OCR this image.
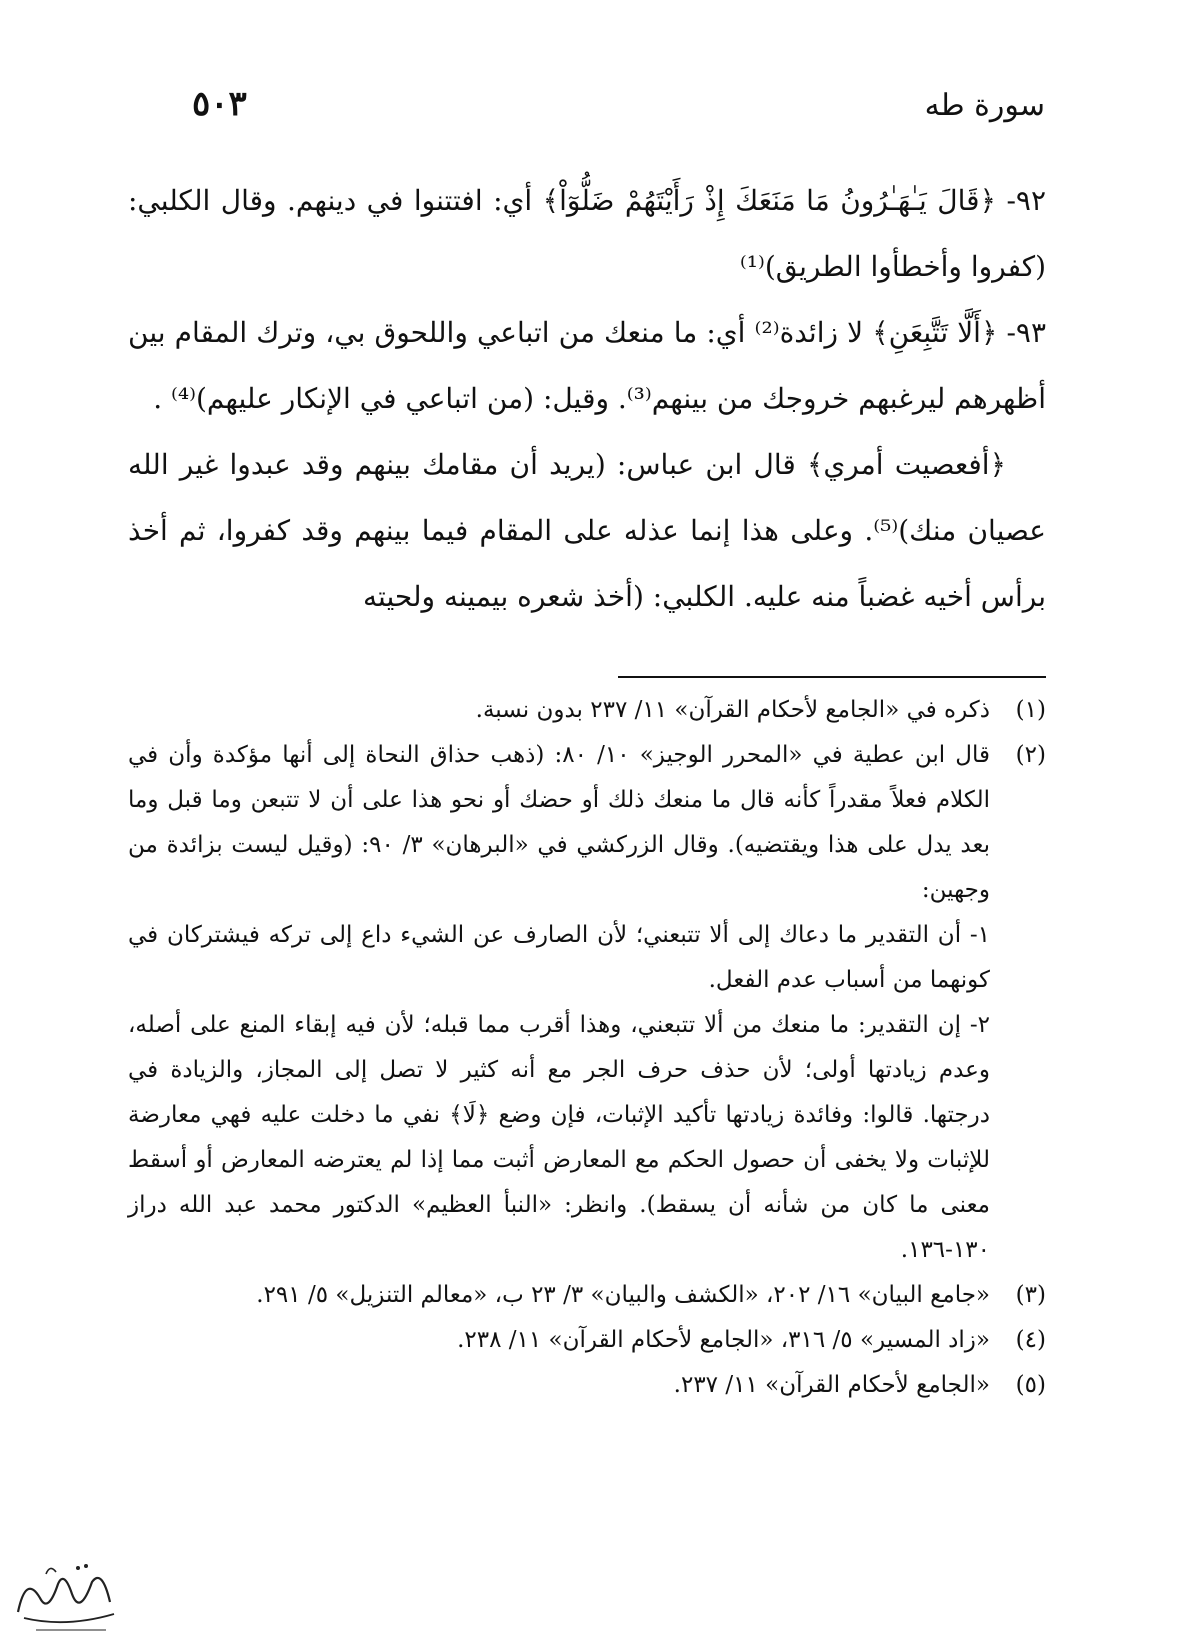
سورة طه
٥٠٣

٩٢- ﴿قَالَ يَـٰهَـٰرُونُ مَا مَنَعَكَ إِذْ رَأَيْتَهُمْ ضَلُّوٓاْ﴾ أي: افتتنوا في دينهم. وقال الكلبي: (كفروا وأخطأوا الطريق)⁽¹⁾

٩٣- ﴿أَلَّا تَتَّبِعَنِ﴾ لا زائدة⁽²⁾ أي: ما منعك من اتباعي واللحوق بي، وترك المقام بين أظهرهم ليرغبهم خروجك من بينهم⁽³⁾. وقيل: (من اتباعي في الإنكار عليهم)⁽⁴⁾ .

﴿أفعصيت أمري﴾ قال ابن عباس: (يريد أن مقامك بينهم وقد عبدوا غير الله عصيان منك)⁽⁵⁾. وعلى هذا إنما عذله على المقام فيما بينهم وقد كفروا، ثم أخذ برأس أخيه غضباً منه عليه. الكلبي: (أخذ شعره بيمينه ولحيته

(١)
ذكره في «الجامع لأحكام القرآن» ١١/ ٢٣٧ بدون نسبة.
(٢)
قال ابن عطية في «المحرر الوجيز» ١٠/ ٨٠: (ذهب حذاق النحاة إلى أنها مؤكدة وأن في الكلام فعلاً مقدراً كأنه قال ما منعك ذلك أو حضك أو نحو هذا على أن لا تتبعن وما قبل وما بعد يدل على هذا ويقتضيه). وقال الزركشي في «البرهان» ٣/ ٩٠: (وقيل ليست بزائدة من وجهين:
١- أن التقدير ما دعاك إلى ألا تتبعني؛ لأن الصارف عن الشيء داع إلى تركه فيشتركان في كونهما من أسباب عدم الفعل.
٢- إن التقدير: ما منعك من ألا تتبعني، وهذا أقرب مما قبله؛ لأن فيه إبقاء المنع على أصله، وعدم زيادتها أولى؛ لأن حذف حرف الجر مع أنه كثير لا تصل إلى المجاز، والزيادة في درجتها. قالوا: وفائدة زيادتها تأكيد الإثبات، فإن وضع ﴿لَا﴾ نفي ما دخلت عليه فهي معارضة للإثبات ولا يخفى أن حصول الحكم مع المعارض أثبت مما إذا لم يعترضه المعارض أو أسقط معنى ما كان من شأنه أن يسقط). وانظر: «النبأ العظيم» الدكتور محمد عبد الله دراز ١٣٠-١٣٦.
(٣)
«جامع البيان» ١٦/ ٢٠٢، «الكشف والبيان» ٣/ ٢٣ ب، «معالم التنزيل» ٥/ ٢٩١.
(٤)
«زاد المسير» ٥/ ٣١٦، «الجامع لأحكام القرآن» ١١/ ٢٣٨.
(٥)
«الجامع لأحكام القرآن» ١١/ ٢٣٧.
